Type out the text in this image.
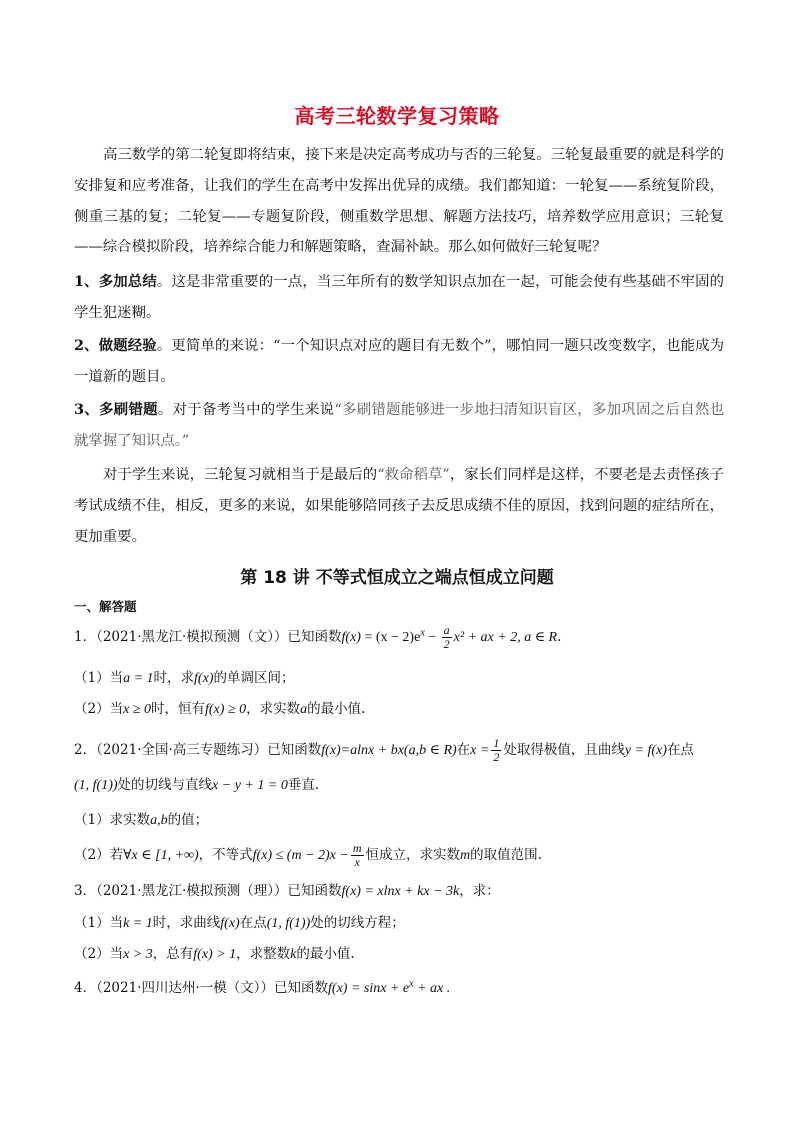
高考三轮数学复习策略
高三数学的第二轮复即将结束，接下来是决定高考成功与否的三轮复。三轮复最重要的就是科学的安排复和应考准备，让我们的学生在高考中发挥出优异的成绩。我们都知道：一轮复——系统复阶段，侧重三基的复；二轮复——专题复阶段，侧重数学思想、解题方法技巧，培养数学应用意识；三轮复——综合模拟阶段，培养综合能力和解题策略，查漏补缺。那么如何做好三轮复呢？
1、多加总结。这是非常重要的一点，当三年所有的数学知识点加在一起，可能会使有些基础不牢固的学生犯迷糊。
2、做题经验。更简单的来说：“一个知识点对应的题目有无数个”，哪怕同一题只改变数字，也能成为一道新的题目。
3、多刷错题。对于备考当中的学生来说“多刷错题能够进一步地扫清知识盲区，多加巩固之后自然也就掌握了知识点。”
对于学生来说，三轮复习就相当于是最后的“救命稻草”，家长们同样是这样，不要老是去责怪孩子考试成绩不佳，相反，更多的来说，如果能够陪同孩子去反思成绩不佳的原因，找到问题的症结所在，更加重要。
第 18 讲 不等式恒成立之端点恒成立问题
一、解答题
1．（2021·黑龙江·模拟预测（文））已知函数$f(x) = (x - 2)e^x - \frac{a}{2} x^2$ + ax + 2, a ∈ R.
（1）当a = 1时，求f(x)的单调区间；
（2）当x ≥ 0时，恒有f(x) ≥ 0，求实数a的最小值.
2．（2021·全国·高三专题练习）已知函数f(x)=alnx + bx(a,b ∈ R)在$x = \frac{1}{2}$ 处取得极值，且曲线y = f(x)在点
(1, f(1))处的切线与直线x − y + 1 = 0垂直.
（1）求实数a,b的值；
（2）若∀x ∈ [1, +∞)，不等式$f(x) \le (m - 2)x - \frac{m}{x}$ 恒成立，求实数m的取值范围.
3．（2021·黑龙江·模拟预测（理））已知函数f(x) = xlnx + kx − 3k，求：
（1）当k = 1时，求曲线f(x)在点(1, f(1))处的切线方程；
（2）当x > 3，总有f(x) > 1，求整数k的最小值.
4．（2021·四川达州·一模（文））已知函数$f(x) = \sin x + e^x$ + ax .
